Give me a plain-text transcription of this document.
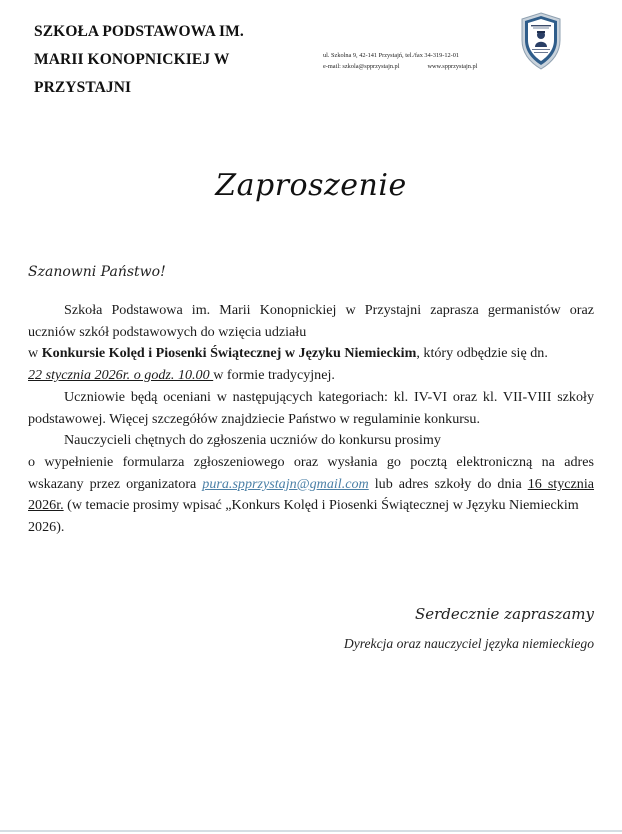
SZKOŁA PODSTAWOWA IM.
MARII KONOPNICKIEJ W
PRZYSTAJNI
ul. Szkolna 9, 42-141 Przystajń, tel./fax 34-319-12-01
e-mail: szkola@spprzystajn.pl	www.spprzystajn.pl
Zaproszenie
Szanowni Państwo!

Szkoła Podstawowa im. Marii Konopnickiej w Przystajni zaprasza germanistów oraz

uczniów szkół podstawowych do wzięcia udziału

w Konkursie Kolęd i Piosenki Świątecznej w Języku Niemieckim, który odbędzie się dn.

22 stycznia 2026r. o godz. 10.00 w formie tradycyjnej.

Uczniowie będą oceniani w następujących kategoriach: kl. IV-VI oraz kl. VII-VIII szkoły

podstawowej. Więcej szczegółów znajdziecie Państwo w regulaminie konkursu.

Nauczycieli chętnych do zgłoszenia uczniów do konkursu prosimy

o wypełnienie formularza zgłoszeniowego oraz wysłania go pocztą elektroniczną na adres

wskazany przez organizatora pura.spprzystajn@gmail.com lub adres szkoły do dnia 16 stycznia

2026r. (w temacie prosimy wpisać „Konkurs Kolęd i Piosenki Świątecznej w Języku Niemieckim

2026).

Serdecznie zapraszamy
Dyrekcja oraz nauczyciel języka niemieckiego
